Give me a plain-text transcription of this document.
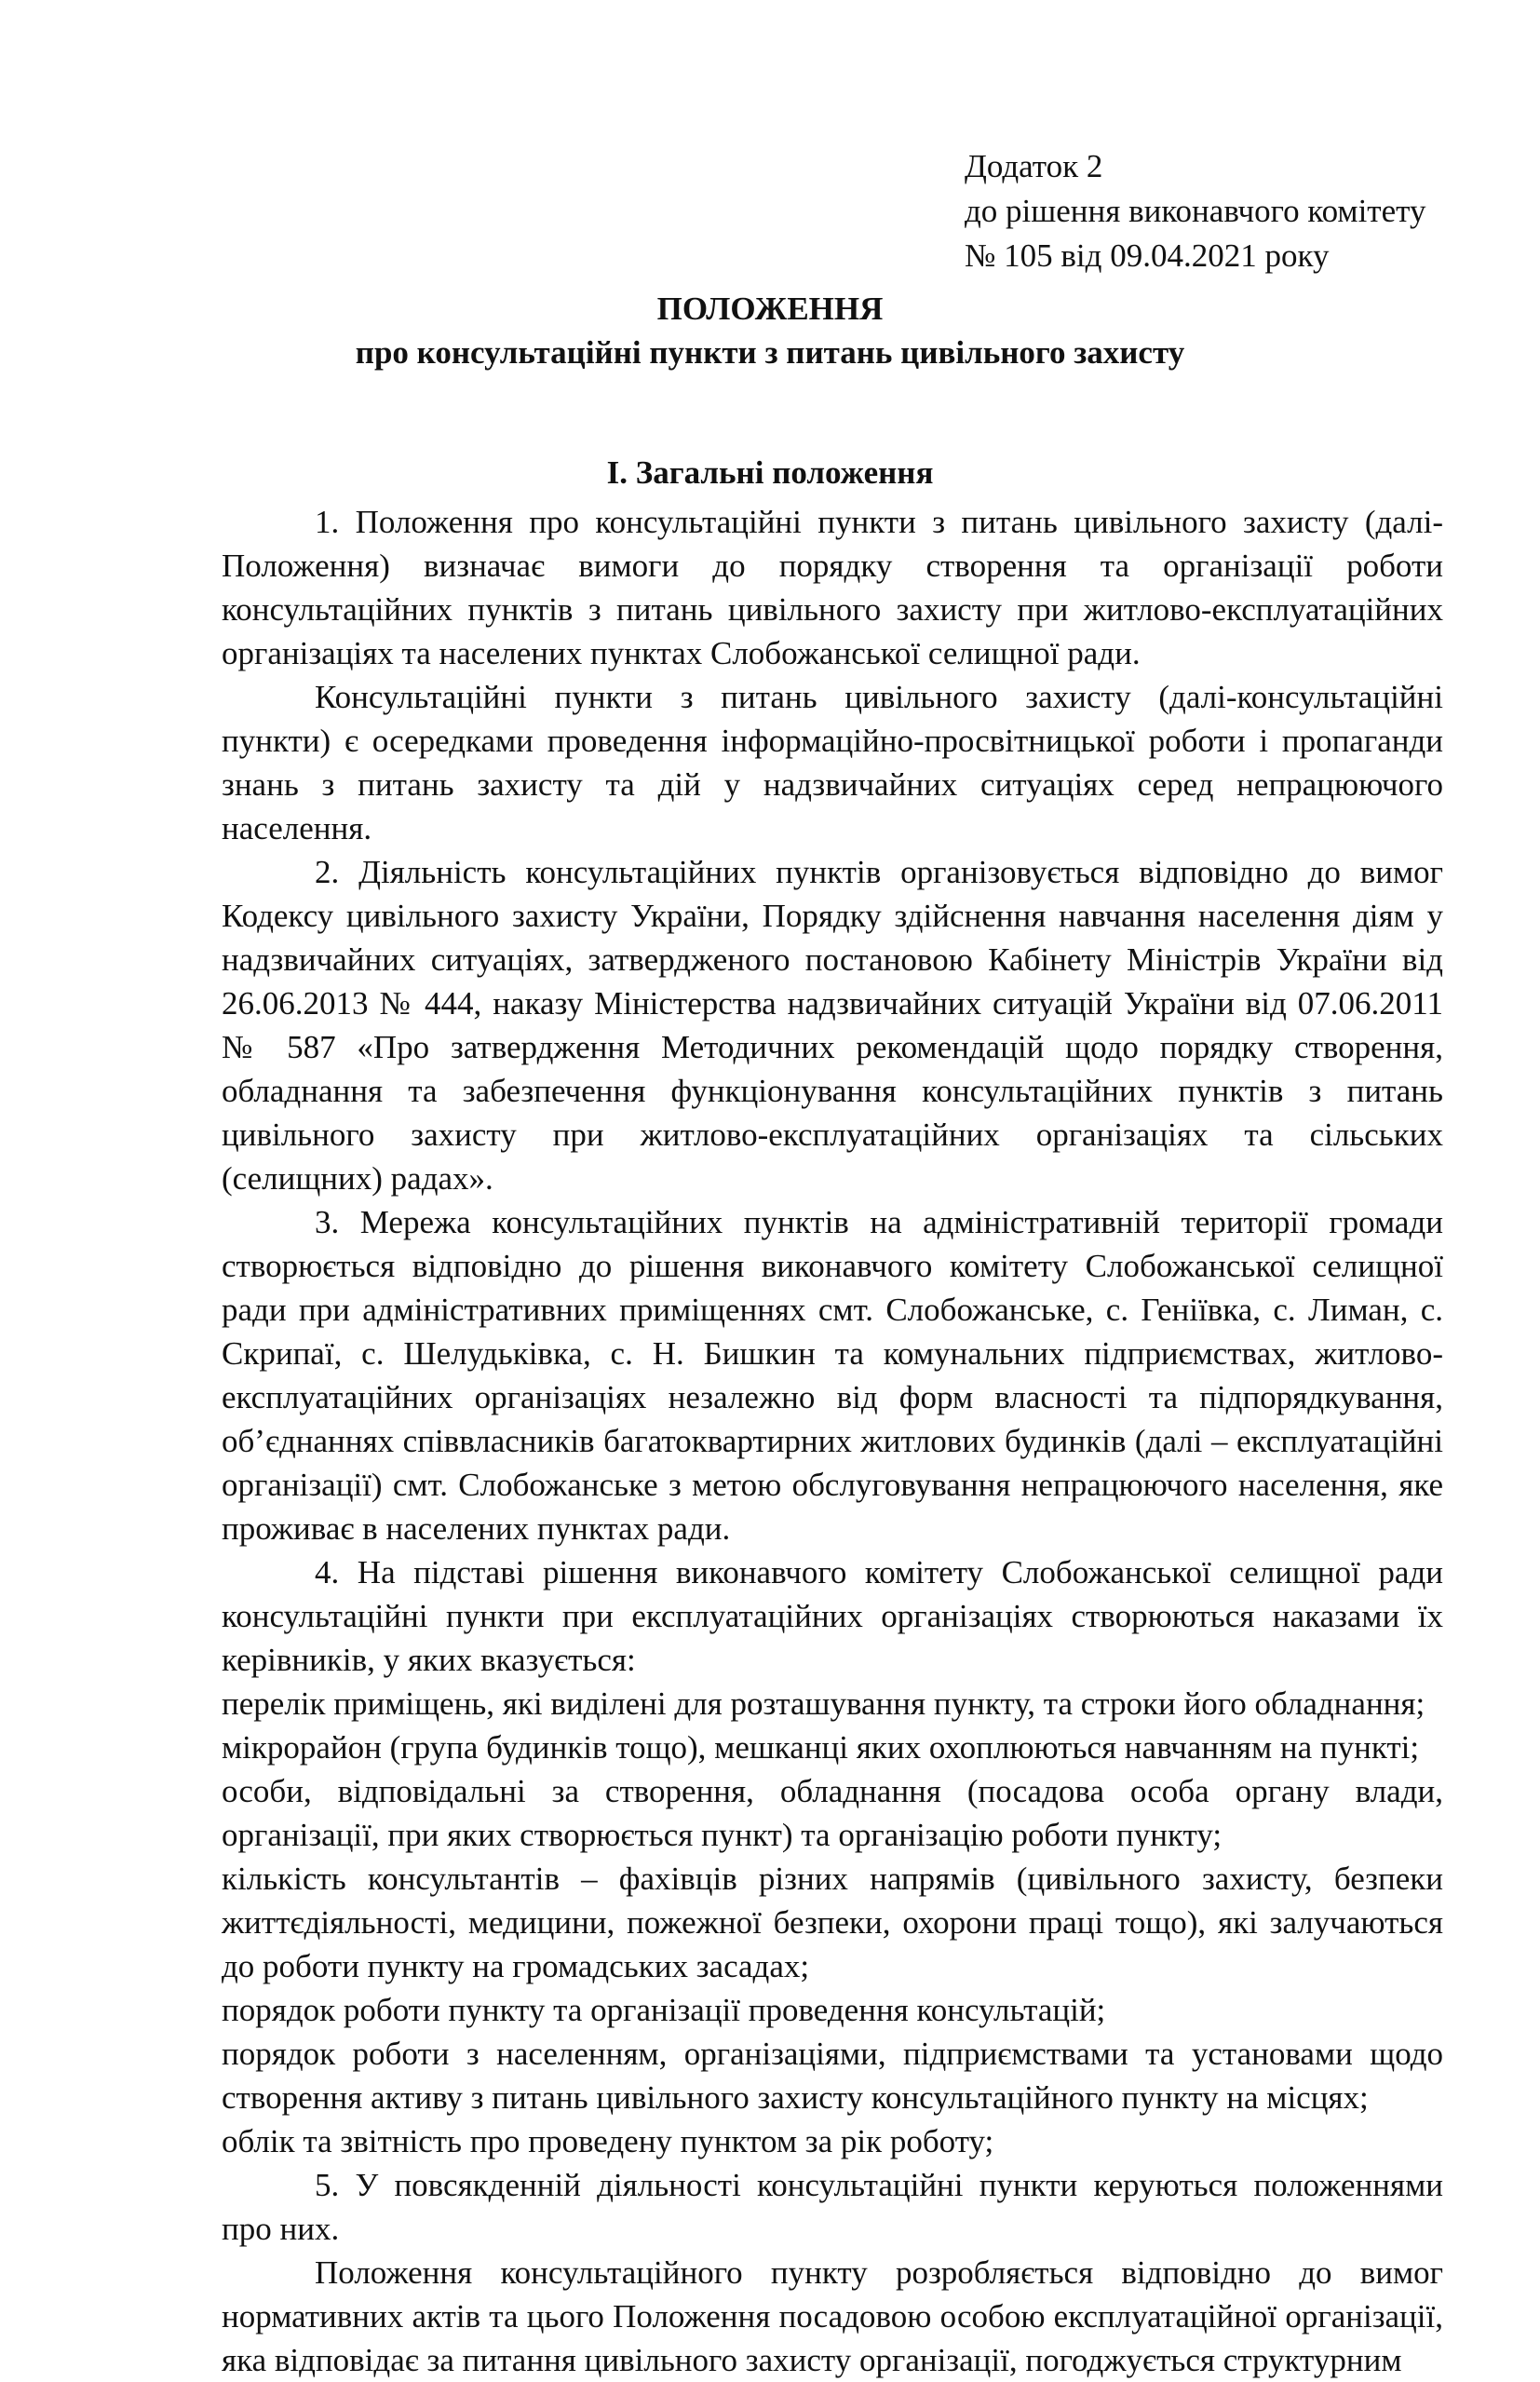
Додаток 2
до рішення виконавчого комітету
№ 105 від 09.04.2021 року
ПОЛОЖЕННЯ
про консультаційні пункти з питань цивільного захисту
І. Загальні положення

1. Положення про консультаційні пункти з питань цивільного захисту (далі-Положення) визначає вимоги до порядку створення та організації роботи консультаційних пунктів з питань цивільного захисту при житлово-експлуатаційних організаціях та населених пунктах Слобожанської селищної ради.

Консультаційні пункти з питань цивільного захисту (далі-консультаційні пункти) є осередками проведення інформаційно-просвітницької роботи і пропаганди знань з питань захисту та дій у надзвичайних ситуаціях серед непрацюючого населення.

2. Діяльність консультаційних пунктів організовується відповідно до вимог Кодексу цивільного захисту України, Порядку здійснення навчання населення діям у надзвичайних ситуаціях, затвердженого постановою Кабінету Міністрів України від 26.06.2013 № 444, наказу Міністерства надзвичайних ситуацій України від 07.06.2011 № 587 «Про затвердження Методичних рекомендацій щодо порядку створення, обладнання та забезпечення функціонування консультаційних пунктів з питань цивільного захисту при житлово-експлуатаційних організаціях та сільських (селищних) радах».

3. Мережа консультаційних пунктів на адміністративній території громади створюється відповідно до рішення виконавчого комітету Слобожанської селищної ради при адміністративних приміщеннях смт. Слобожанське, с. Геніївка, с. Лиман, с. Скрипаї, с. Шелудьківка, с. Н. Бишкин та комунальних підприємствах, житлово-експлуатаційних організаціях незалежно від форм власності та підпорядкування, об’єднаннях співвласників багатоквартирних житлових будинків (далі – експлуатаційні організації) смт. Слобожанське з метою обслуговування непрацюючого населення, яке проживає в населених пунктах ради.

4. На підставі рішення виконавчого комітету Слобожанської селищної ради консультаційні пункти при експлуатаційних організаціях створюються наказами їх керівників, у яких вказується:

перелік приміщень, які виділені для розташування пункту, та строки його обладнання;

мікрорайон (група будинків тощо), мешканці яких охоплюються навчанням на пункті;

особи, відповідальні за створення, обладнання (посадова особа органу влади, організації, при яких створюється пункт) та організацію роботи пункту;

кількість консультантів – фахівців різних напрямів (цивільного захисту, безпеки життєдіяльності, медицини, пожежної безпеки, охорони праці тощо), які залучаються до роботи пункту на громадських засадах;

порядок роботи пункту та організації проведення консультацій;

порядок роботи з населенням, організаціями, підприємствами та установами щодо створення активу з питань цивільного захисту консультаційного пункту на місцях;

облік та звітність про проведену пунктом за рік роботу;

5. У повсякденній діяльності консультаційні пункти керуються положеннями про них.

Положення консультаційного пункту розробляється відповідно до вимог нормативних актів та цього Положення посадовою особою експлуатаційної організації, яка відповідає за питання цивільного захисту організації, погоджується структурним
